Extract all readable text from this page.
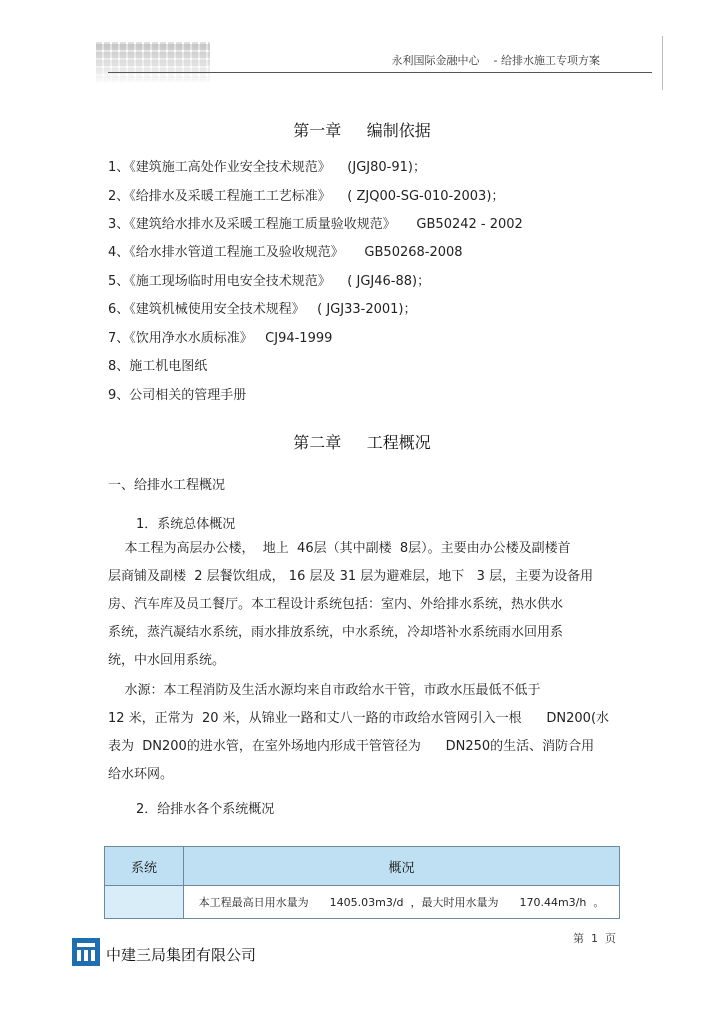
永利国际金融中心    - 给排水施工专项方案
第一章     编制依据
1、《建筑施工高处作业安全技术规范》    (JGJ80-91)；
2、《给排水及采暖工程施工工艺标准》    ( ZJQ00-SG-010-2003)；
3、《建筑给水排水及采暖工程施工质量验收规范》     GB50242 - 2002
4、《给水排水管道工程施工及验收规范》     GB50268-2008
5、《施工现场临时用电安全技术规范》    ( JGJ46-88)；
6、《建筑机械使用安全技术规程》   ( JGJ33-2001)；
7、《饮用净水水质标准》   CJ94-1999
8、施工机电图纸
9、公司相关的管理手册
第二章     工程概况
一、给排水工程概况
1．系统总体概况
本工程为高层办公楼，  地上  46层（其中副楼  8层）。主要由办公楼及副楼首
层商铺及副楼  2 层餐饮组成， 16 层及 31 层为避难层，地下   3 层，主要为设备用
房、汽车库及员工餐厅。本工程设计系统包括：室内、外给排水系统，热水供水
系统，蒸汽凝结水系统，雨水排放系统，中水系统，冷却塔补水系统雨水回用系
统，中水回用系统。
水源：本工程消防及生活水源均来自市政给水干管，市政水压最低不低于
12 米，正常为  20 米，从锦业一路和丈八一路的市政给水管网引入一根      DN200(水
表为  DN200的进水管，在室外场地内形成干管管径为      DN250的生活、消防合用
给水环网。
2．给排水各个系统概况
系统	概况
	本工程最高日用水量为      1405.03m3/d  ，最大时用水量为      170.44m3/h  。
第  1  页
中建三局集团有限公司
